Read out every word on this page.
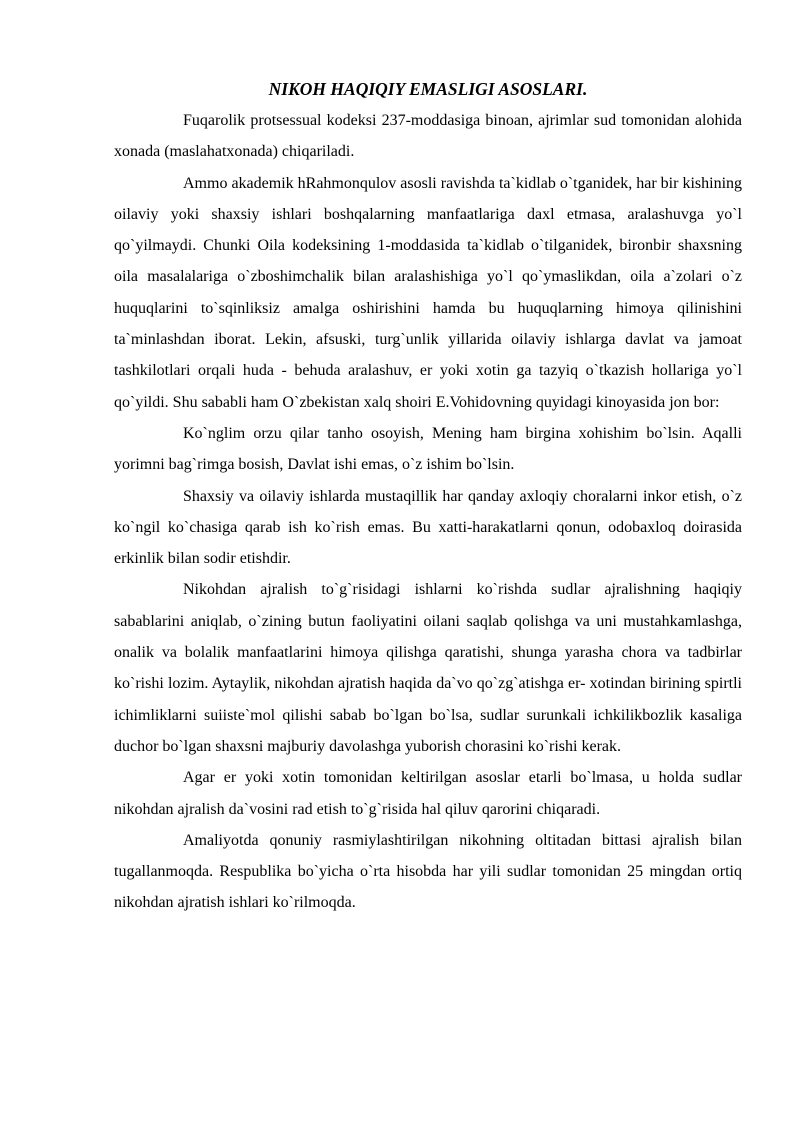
NIKOH HAQIQIY EMASLIGI ASOSLARI.

Fuqarolik protsessual kodeksi 237-moddasiga binoan, ajrimlar sud tomonidan alohida xonada (maslahatxonada) chiqariladi.

Ammo akademik hRahmonqulov asosli ravishda ta`kidlab o`tganidek, har bir kishining oilaviy yoki shaxsiy ishlari boshqalarning manfaatlariga daxl etmasa, aralashuvga yo`l qo`yilmaydi. Chunki Oila kodeksining 1-moddasida ta`kidlab o`tilganidek, bironbir shaxsning oila masalalariga o`zboshimchalik bilan aralashishiga yo`l qo`ymaslikdan, oila a`zolari o`z huquqlarini to`sqinliksiz amalga oshirishini hamda bu huquqlarning himoya qilinishini ta`minlashdan iborat. Lekin, afsuski, turg`unlik yillarida oilaviy ishlarga davlat va jamoat tashkilotlari orqali huda - behuda aralashuv, er yoki xotin ga tazyiq o`tkazish hollariga yo`l qo`yildi. Shu sababli ham O`zbekistan xalq shoiri E.Vohidovning quyidagi kinoyasida jon bor:

Ko`nglim orzu qilar tanho osoyish, Mening ham birgina xohishim bo`lsin. Aqalli yorimni bag`rimga bosish, Davlat ishi emas, o`z ishim bo`lsin.

Shaxsiy va oilaviy ishlarda mustaqillik har qanday axloqiy choralarni inkor etish, o`z ko`ngil ko`chasiga qarab ish ko`rish emas. Bu xatti-harakatlarni qonun, odobaxloq doirasida erkinlik bilan sodir etishdir.

Nikohdan ajralish to`g`risidagi ishlarni ko`rishda sudlar ajralishning haqiqiy sabablarini aniqlab, o`zining butun faoliyatini oilani saqlab qolishga va uni mustahkamlashga, onalik va bolalik manfaatlarini himoya qilishga qaratishi, shunga yarasha chora va tadbirlar ko`rishi lozim. Aytaylik, nikohdan ajratish haqida da`vo qo`zg`atishga er- xotindan birining spirtli ichimliklarni suiiste`mol qilishi sabab bo`lgan bo`lsa, sudlar surunkali ichkilikbozlik kasaliga duchor bo`lgan shaxsni majburiy davolashga yuborish chorasini ko`rishi kerak.

Agar er yoki xotin tomonidan keltirilgan asoslar etarli bo`lmasa, u holda sudlar nikohdan ajralish da`vosini rad etish to`g`risida hal qiluv qarorini chiqaradi.

Amaliyotda qonuniy rasmiylashtirilgan nikohning oltitadan bittasi ajralish bilan tugallanmoqda. Respublika bo`yicha o`rta hisobda har yili sudlar tomonidan 25 mingdan ortiq nikohdan ajratish ishlari ko`rilmoqda.
